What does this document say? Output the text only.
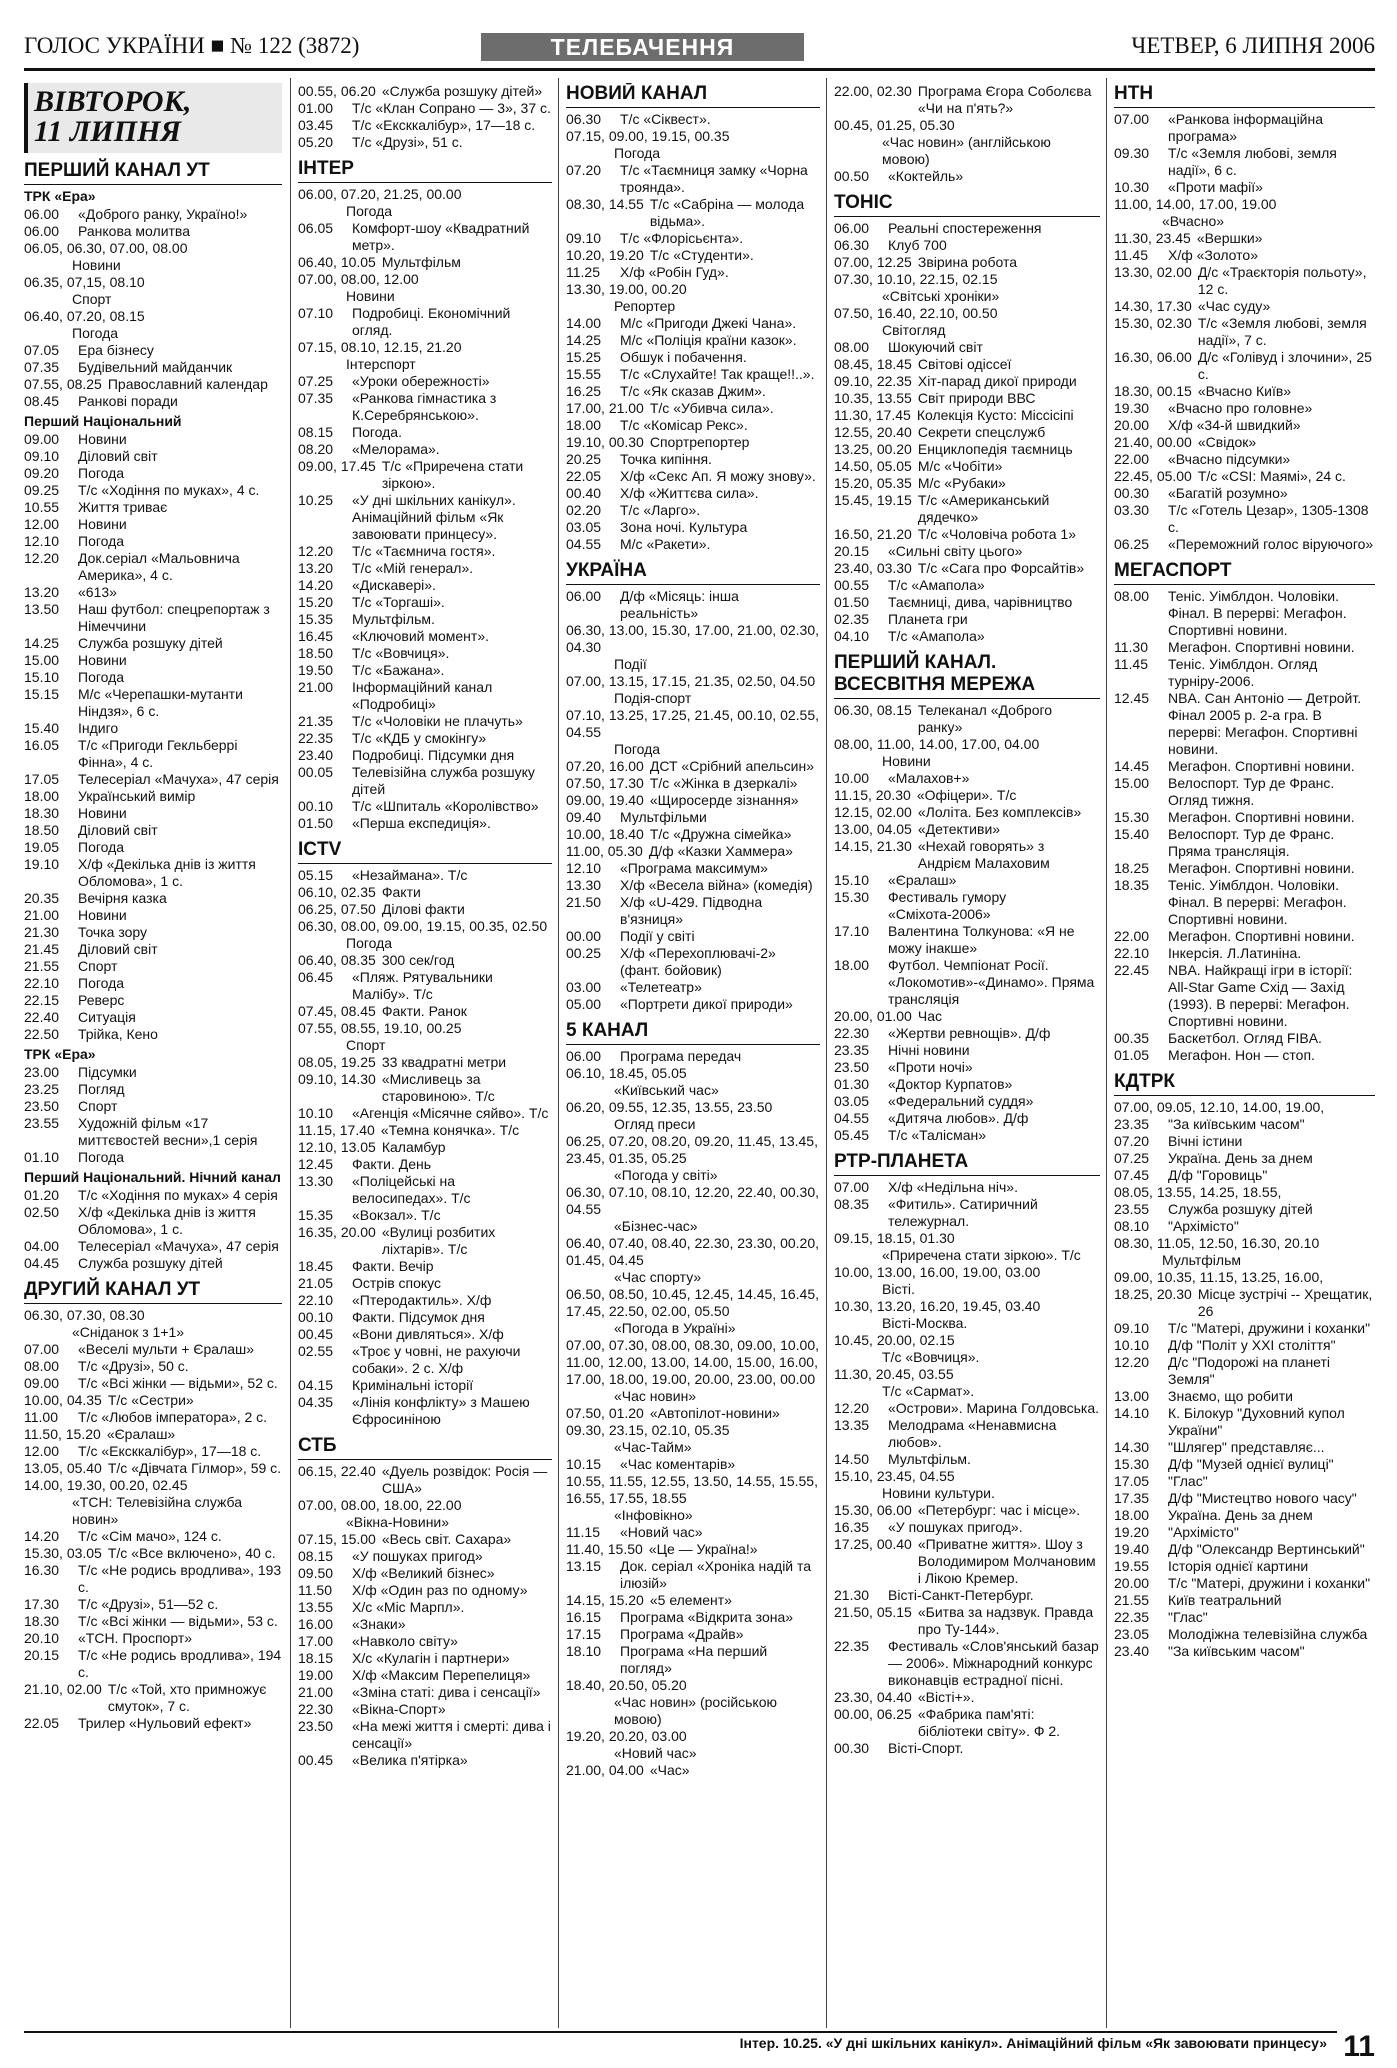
ГОЛОС УКРАЇНИ ■ № 122 (3872)	ТЕЛЕБАЧЕННЯ	ЧЕТВЕР, 6 ЛИПНЯ 2006
ВІВТОРОК,
11 ЛИПНЯ
ПЕРШИЙ КАНАЛ УТ
ТРК «Ера»
06.00	«Доброго ранку, Україно!»
06.00	Ранкова молитва
06.05, 06.30, 07.00, 08.00
Новини
06.35, 07,15, 08.10
Спорт
06.40, 07.20, 08.15
Погода
07.05	Ера бізнесу
07.35	Будівельний майданчик
07.55, 08.25 Православний календар
08.45	Ранкові поради
Перший Національний
09.00	Новини
09.10	Діловий світ
09.20	Погода
09.25	Т/с «Ходіння по муках», 4 с.
10.55	Життя триває
12.00	Новини
12.10	Погода
12.20	Док.серіал «Мальовнича Америка», 4 с.
13.20	«613»
13.50	Наш футбол: спецрепортаж з Німеччини
14.25	Служба розшуку дітей
15.00	Новини
15.10	Погода
15.15	М/с «Черепашки-мутанти Ніндзя», 6 с.
15.40	Індиго
16.05	Т/с «Пригоди Гекльберрі Фінна», 4 с.
17.05	Телесеріал «Мачуха», 47 серія
18.00	Український вимір
18.30	Новини
18.50	Діловий світ
19.05	Погода
19.10	Х/ф «Декілька днів із життя Обломова», 1 с.
20.35	Вечірня казка
21.00	Новини
21.30	Точка зору
21.45	Діловий світ
21.55	Спорт
22.10	Погода
22.15	Реверс
22.40	Ситуація
22.50	Трійка, Кено
ТРК «Ера»
23.00	Підсумки
23.25	Погляд
23.50	Спорт
23.55	Художній фільм «17 миттєвостей весни»,1 серія
01.10	Погода
Перший Національний. Нічний канал
01.20	Т/с «Ходіння по муках» 4 серія
02.50	Х/ф «Декілька днів із життя Обломова», 1 с.
04.00	Телесеріал «Мачуха», 47 серія
04.45	Служба розшуку дітей
ДРУГИЙ КАНАЛ УТ
06.30, 07.30, 08.30
«Сніданок з 1+1»
07.00	«Веселі мульти + Єралаш»
08.00	Т/с «Друзі», 50 с.
09.00	Т/с «Всі жінки — відьми», 52 с.
10.00, 04.35 Т/с «Сестри»
11.00	Т/с «Любов імператора», 2 с.
11.50, 15.20 «Єралаш»
12.00	Т/с «Ексккалібур», 17—18 с.
13.05, 05.40 Т/с «Дівчата Гілмор», 59 с.
14.00, 19.30, 00.20, 02.45
«ТСН: Телевізійна служба новин»
14.20	Т/с «Сім мачо», 124 с.
15.30, 03.05 Т/с «Все включено», 40 с.
16.30	Т/с «Не родись вродлива», 193 с.
17.30	Т/с «Друзі», 51—52 с.
18.30	Т/с «Всі жінки — відьми», 53 с.
20.10	«ТСН. Проспорт»
20.15	Т/с «Не родись вродлива», 194 с.
21.10, 02.00 Т/с «Той, хто примножує смуток», 7 с.
22.05	Трилер «Нульовий ефект»
00.55, 06.20 «Служба розшуку дітей»
01.00	Т/с «Клан Сопрано — 3», 37 с.
03.45	Т/с «Ексккалібур», 17—18 с.
05.20	Т/с «Друзі», 51 с.
ІНТЕР
06.00, 07.20, 21.25, 00.00
Погода
06.05	Комфорт-шоу «Квадратний метр».
06.40, 10.05 Мультфільм
07.00, 08.00, 12.00
Новини
07.10	Подробиці. Економічний огляд.
07.15, 08.10, 12.15, 21.20
Інтерспорт
07.25	«Уроки обережності»
07.35	«Ранкова гімнастика з К.Серебрянською».
08.15	Погода.
08.20	«Мелорама».
09.00, 17.45 Т/с «Приречена стати зіркою».
10.25	«У дні шкільних канікул». Анімаційний фільм «Як завоювати принцесу».
12.20	Т/с «Таємнича гостя».
13.20	Т/с «Мій генерал».
14.20	«Дискавері».
15.20	Т/с «Торгаші».
15.35	Мультфільм.
16.45	«Ключовий момент».
18.50	Т/с «Вовчиця».
19.50	Т/с «Бажана».
21.00	Інформаційний канал «Подробиці»
21.35	Т/с «Чоловіки не плачуть»
22.35	Т/с «КДБ у смокінгу»
23.40	Подробиці. Підсумки дня
00.05	Телевізійна служба розшуку дітей
00.10	Т/с «Шпиталь «Королівство»
01.50	«Перша експедиція».
ICTV
05.15	«Незаймана». Т/с
06.10, 02.35 Факти
06.25, 07.50 Ділові факти
06.30, 08.00, 09.00, 19.15, 00.35, 02.50
Погода
06.40, 08.35 300 сек/год
06.45	«Пляж. Рятувальники Малібу». Т/с
07.45, 08.45 Факти. Ранок
07.55, 08.55, 19.10, 00.25
Спорт
08.05, 19.25 33 квадратні метри
09.10, 14.30 «Мисливець за старовиною». Т/с
10.10	«Агенція «Місячне сяйво». Т/с
11.15, 17.40 «Темна конячка». Т/с
12.10, 13.05 Каламбур
12.45	Факти. День
13.30	«Поліцейські на велосипедах». Т/с
15.35	«Вокзал». Т/с
16.35, 20.00 «Вулиці розбитих ліхтарів». Т/с
18.45	Факти. Вечір
21.05	Острів спокус
22.10	«Птеродактиль». Х/ф
00.10	Факти. Підсумок дня
00.45	«Вони дивляться». Х/ф
02.55	«Троє у човні, не рахуючи собаки». 2 с. Х/ф
04.15	Кримінальні історії
04.35	«Лінія конфлікту» з Машею Єфросиніною
СТБ
06.15, 22.40 «Дуель розвідок: Росія — США»
07.00, 08.00, 18.00, 22.00
«Вікна-Новини»
07.15, 15.00 «Весь світ. Сахара»
08.15	«У пошуках пригод»
09.50	Х/ф «Великий бізнес»
11.50	Х/ф «Один раз по одному»
13.55	Х/с «Міс Марпл».
16.00	«Знаки»
17.00	«Навколо світу»
18.15	Х/с «Кулагін і партнери»
19.00	Х/ф «Максим Перепелиця»
21.00	«Зміна статі: дива і сенсації»
22.30	«Вікна-Спорт»
23.50	«На межі життя і смерті: дива і сенсації»
00.45	«Велика п'ятірка»
НОВИЙ КАНАЛ
06.30	Т/с «Сіквест».
07.15, 09.00, 19.15, 00.35
Погода
07.20	Т/с «Таємниця замку «Чорна троянда».
08.30, 14.55 Т/с «Сабріна — молода відьма».
09.10	Т/с «Флорісьєнта».
10.20, 19.20 Т/с «Студенти».
11.25	Х/ф «Робін Гуд».
13.30, 19.00, 00.20
Репортер
14.00	М/с «Пригоди Джекі Чана».
14.25	М/с «Поліція країни казок».
15.25	Обшук і побачення.
15.55	Т/с «Слухайте! Так краще!!..».
16.25	Т/с «Як сказав Джим».
17.00, 21.00 Т/с «Убивча сила».
18.00	Т/с «Комісар Рекс».
19.10, 00.30 Спортрепортер
20.25	Точка кипіння.
22.05	Х/ф «Секс Ап. Я можу знову».
00.40	Х/ф «Життєва сила».
02.20	Т/с «Ларго».
03.05	Зона ночі. Культура
04.55	М/с «Ракети».
УКРАЇНА
06.00	Д/ф «Місяць: інша реальність»
06.30, 13.00, 15.30, 17.00, 21.00, 02.30, 04.30
Події
07.00, 13.15, 17.15, 21.35, 02.50, 04.50
Подія-спорт
07.10, 13.25, 17.25, 21.45, 00.10, 02.55, 04.55
Погода
07.20, 16.00 ДСТ «Срібний апельсин»
07.50, 17.30 Т/с «Жінка в дзеркалі»
09.00, 19.40 «Щиросерде зізнання»
09.40	Мультфільми
10.00, 18.40 Т/с «Дружна сімейка»
11.00, 05.30 Д/ф «Казки Хаммера»
12.10	«Програма максимум»
13.30	Х/ф «Весела війна» (комедія)
21.50	Х/ф «U-429. Підводна в'язниця»
00.00	Події у світі
00.25	Х/ф «Перехоплювачі-2» (фант. бойовик)
03.00	«Телетеатр»
05.00	«Портрети дикої природи»
5 КАНАЛ
06.00	Програма передач
06.10, 18.45, 05.05
«Київський час»
06.20, 09.55, 12.35, 13.55, 23.50
Огляд преси
06.25, 07.20, 08.20, 09.20, 11.45, 13.45, 23.45, 01.35, 05.25
«Погода у світі»
06.30, 07.10, 08.10, 12.20, 22.40, 00.30, 04.55
«Бізнес-час»
06.40, 07.40, 08.40, 22.30, 23.30, 00.20, 01.45, 04.45
«Час спорту»
06.50, 08.50, 10.45, 12.45, 14.45, 16.45, 17.45, 22.50, 02.00, 05.50
«Погода в Україні»
07.00, 07.30, 08.00, 08.30, 09.00, 10.00, 11.00, 12.00, 13.00, 14.00, 15.00, 16.00, 17.00, 18.00, 19.00, 20.00, 23.00, 00.00
«Час новин»
07.50, 01.20 «Автопілот-новини»
09.30, 23.15, 02.10, 05.35
«Час-Тайм»
10.15	«Час коментарів»
10.55, 11.55, 12.55, 13.50, 14.55, 15.55, 16.55, 17.55, 18.55
«Інфовікно»
11.15	«Новий час»
11.40, 15.50 «Це — Україна!»
13.15	Док. серіал «Хроніка надій та ілюзій»
14.15, 15.20 «5 елемент»
16.15	Програма «Відкрита зона»
17.15	Програма «Драйв»
18.10	Програма «На перший погляд»
18.40, 20.50, 05.20
«Час новин» (російською мовою)
19.20, 20.20, 03.00
«Новий час»
21.00, 04.00 «Час»
22.00, 02.30 Програма Єгора Соболєва «Чи на п'ять?»
00.45, 01.25, 05.30
«Час новин» (англійською мовою)
00.50	«Коктейль»
ТОНІС
06.00	Реальні спостереження
06.30	Клуб 700
07.00, 12.25 Звірина робота
07.30, 10.10, 22.15, 02.15
«Світські хроніки»
07.50, 16.40, 22.10, 00.50
Світогляд
08.00	Шокуючий світ
08.45, 18.45 Світові одіссеї
09.10, 22.35 Хіт-парад дикої природи
10.35, 13.55 Світ природи ВВС
11.30, 17.45 Колекція Кусто: Міссісіпі
12.55, 20.40 Секрети спецслужб
13.25, 00.20 Енциклопедія таємниць
14.50, 05.05 М/с «Чобіти»
15.20, 05.35 М/с «Рубаки»
15.45, 19.15 Т/с «Американський дядечко»
16.50, 21.20 Т/с «Чоловіча робота 1»
20.15	«Сильні світу цього»
23.40, 03.30 Т/с «Сага про Форсайтів»
00.55	Т/с «Амапола»
01.50	Таємниці, дива, чарівництво
02.35	Планета гри
04.10	Т/с «Амапола»
ПЕРШИЙ КАНАЛ. ВСЕСВІТНЯ МЕРЕЖА
06.30, 08.15 Телеканал «Доброго ранку»
08.00, 11.00, 14.00, 17.00, 04.00
Новини
10.00	«Малахов+»
11.15, 20.30 «Офіцери». Т/с
12.15, 02.00 «Лоліта. Без комплексів»
13.00, 04.05 «Детективи»
14.15, 21.30 «Нехай говорять» з Андрієм Малаховим
15.10	«Єралаш»
15.30	Фестиваль гумору «Сміхота-2006»
17.10	Валентина Толкунова: «Я не можу інакше»
18.00	Футбол. Чемпіонат Росії. «Локомотив»-«Динамо». Пряма трансляція
20.00, 01.00 Час
22.30	«Жертви ревнощів». Д/ф
23.35	Нічні новини
23.50	«Проти ночі»
01.30	«Доктор Курпатов»
03.05	«Федеральний суддя»
04.55	«Дитяча любов». Д/ф
05.45	Т/с «Талісман»
РТР-ПЛАНЕТА
07.00	Х/ф «Недільна ніч».
08.35	«Фитиль». Сатиричний тележурнал.
09.15, 18.15, 01.30
«Приречена стати зіркою». Т/с
10.00, 13.00, 16.00, 19.00, 03.00
Вісті.
10.30, 13.20, 16.20, 19.45, 03.40
Вісті-Москва.
10.45, 20.00, 02.15
Т/с «Вовчиця».
11.30, 20.45, 03.55
Т/с «Сармат».
12.20	«Острови». Марина Голдовська.
13.35	Мелодрама «Ненавмисна любов».
14.50	Мультфільм.
15.10, 23.45, 04.55
Новини культури.
15.30, 06.00 «Петербург: час і місце».
16.35	«У пошуках пригод».
17.25, 00.40 «Приватне життя». Шоу з Володимиром Молчановим і Лікою Кремер.
21.30	Вісті-Санкт-Петербург.
21.50, 05.15 «Битва за надзвук. Правда про Ту-144».
22.35	Фестиваль «Слов'янський базар — 2006». Міжнародний конкурс виконавців естрадної пісні.
23.30, 04.40 «Вісті+».
00.00, 06.25 «Фабрика пам'яті: бібліотеки світу». Ф 2.
00.30	Вісті-Спорт.
НТН
07.00	«Ранкова інформаційна програма»
09.30	Т/с «Земля любові, земля надії», 6 с.
10.30	«Проти мафії»
11.00, 14.00, 17.00, 19.00
«Вчасно»
11.30, 23.45 «Вершки»
11.45	Х/ф «Золото»
13.30, 02.00 Д/с «Траєкторія польоту», 12 с.
14.30, 17.30 «Час суду»
15.30, 02.30 Т/с «Земля любові, земля надії», 7 с.
16.30, 06.00 Д/с «Голівуд і злочини», 25 с.
18.30, 00.15 «Вчасно Київ»
19.30	«Вчасно про головне»
20.00	Х/ф «34-й швидкий»
21.40, 00.00 «Свідок»
22.00	«Вчасно підсумки»
22.45, 05.00 Т/с «CSI: Маямі», 24 с.
00.30	«Багатій розумно»
03.30	Т/с «Готель Цезар», 1305-1308 с.
06.25	«Переможний голос віруючого»
МЕГАСПОРТ
08.00	Теніс. Уімблдон. Чоловіки. Фінал. В перерві: Мегафон. Спортивні новини.
11.30	Мегафон. Спортивні новини.
11.45	Теніс. Уімблдон. Огляд турніру-2006.
12.45	NBA. Сан Антоніо — Детройт. Фінал 2005 р. 2-а гра. В перерві: Мегафон. Спортивні новини.
14.45	Мегафон. Спортивні новини.
15.00	Велоспорт. Тур де Франс. Огляд тижня.
15.30	Мегафон. Спортивні новини.
15.40	Велоспорт. Тур де Франс. Пряма трансляція.
18.25	Мегафон. Спортивні новини.
18.35	Теніс. Уімблдон. Чоловіки. Фінал. В перерві: Мегафон. Спортивні новини.
22.00	Мегафон. Спортивні новини.
22.10	Інкерсія. Л.Латиніна.
22.45	NBA. Найкращі ігри в історії: All-Star Game Схід — Захід (1993). В перерві: Мегафон. Спортивні новини.
00.35	Баскетбол. Огляд FIBA.
01.05	Мегафон. Нон — стоп.
КДТРК
07.00, 09.05, 12.10, 14.00, 19.00,
23.35	"За київським часом"
07.20	Вічні істини
07.25	Україна. День за днем
07.45	Д/ф "Горовиць"
08.05, 13.55, 14.25, 18.55,
23.55	Служба розшуку дітей
08.10	"Архімісто"
08.30, 11.05, 12.50, 16.30, 20.10
Мультфільм
09.00, 10.35, 11.15, 13.25, 16.00,
18.25, 20.30 Місце зустрічі -- Хрещатик, 26
09.10	Т/с "Матері, дружини і коханки"
10.10	Д/ф "Політ у XXI століття"
12.20	Д/с "Подорожі на планеті Земля"
13.00	Знаємо, що робити
14.10	К. Білокур "Духовний купол України"
14.30	"Шлягер" представляє...
15.30	Д/ф "Музей однієї вулиці"
17.05	"Глас"
17.35	Д/ф "Мистецтво нового часу"
18.00	Україна. День за днем
19.20	"Архімісто"
19.40	Д/ф "Олександр Вертинський"
19.55	Історія однієї картини
20.00	Т/с "Матері, дружини і коханки"
21.55	Київ театральний
22.35	"Глас"
23.05	Молодіжна телевізійна служба
23.40	"За київським часом"
Інтер. 10.25. «У дні шкільних канікул». Анімаційний фільм «Як завоювати принцесу» 11
